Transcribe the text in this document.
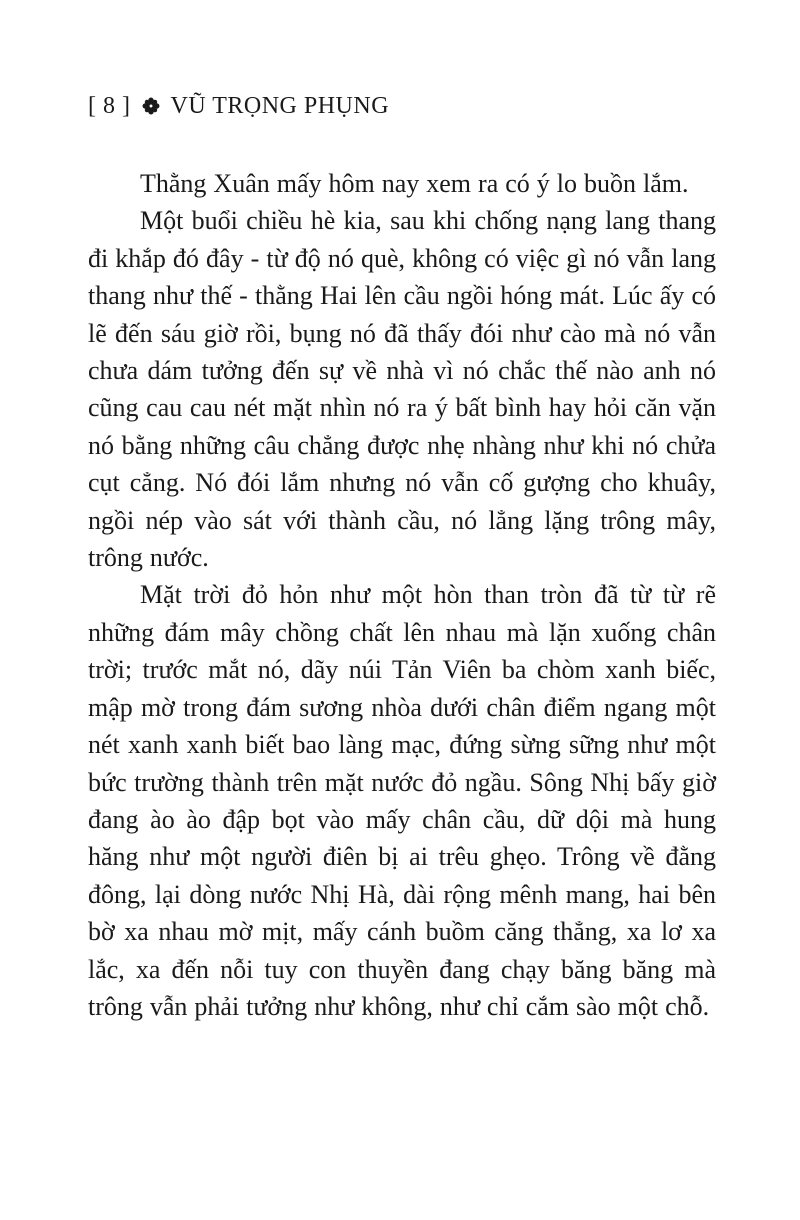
[ 8 ] VŨ TRỌNG PHỤNG

Thằng Xuân mấy hôm nay xem ra có ý lo buồn lắm.

Một buổi chiều hè kia, sau khi chống nạng lang thang đi khắp đó đây - từ độ nó què, không có việc gì nó vẫn lang thang như thế - thằng Hai lên cầu ngồi hóng mát. Lúc ấy có lẽ đến sáu giờ rồi, bụng nó đã thấy đói như cào mà nó vẫn chưa dám tưởng đến sự về nhà vì nó chắc thế nào anh nó cũng cau cau nét mặt nhìn nó ra ý bất bình hay hỏi căn vặn nó bằng những câu chẳng được nhẹ nhàng như khi nó chửa cụt cẳng. Nó đói lắm nhưng nó vẫn cố gượng cho khuây, ngồi nép vào sát với thành cầu, nó lẳng lặng trông mây, trông nước.

Mặt trời đỏ hỏn như một hòn than tròn đã từ từ rẽ những đám mây chồng chất lên nhau mà lặn xuống chân trời; trước mắt nó, dãy núi Tản Viên ba chòm xanh biếc, mập mờ trong đám sương nhòa dưới chân điểm ngang một nét xanh xanh biết bao làng mạc, đứng sừng sững như một bức trường thành trên mặt nước đỏ ngầu. Sông Nhị bấy giờ đang ào ào đập bọt vào mấy chân cầu, dữ dội mà hung hăng như một người điên bị ai trêu ghẹo. Trông về đằng đông, lại dòng nước Nhị Hà, dài rộng mênh mang, hai bên bờ xa nhau mờ mịt, mấy cánh buồm căng thẳng, xa lơ xa lắc, xa đến nỗi tuy con thuyền đang chạy băng băng mà trông vẫn phải tưởng như không, như chỉ cắm sào một chỗ.
